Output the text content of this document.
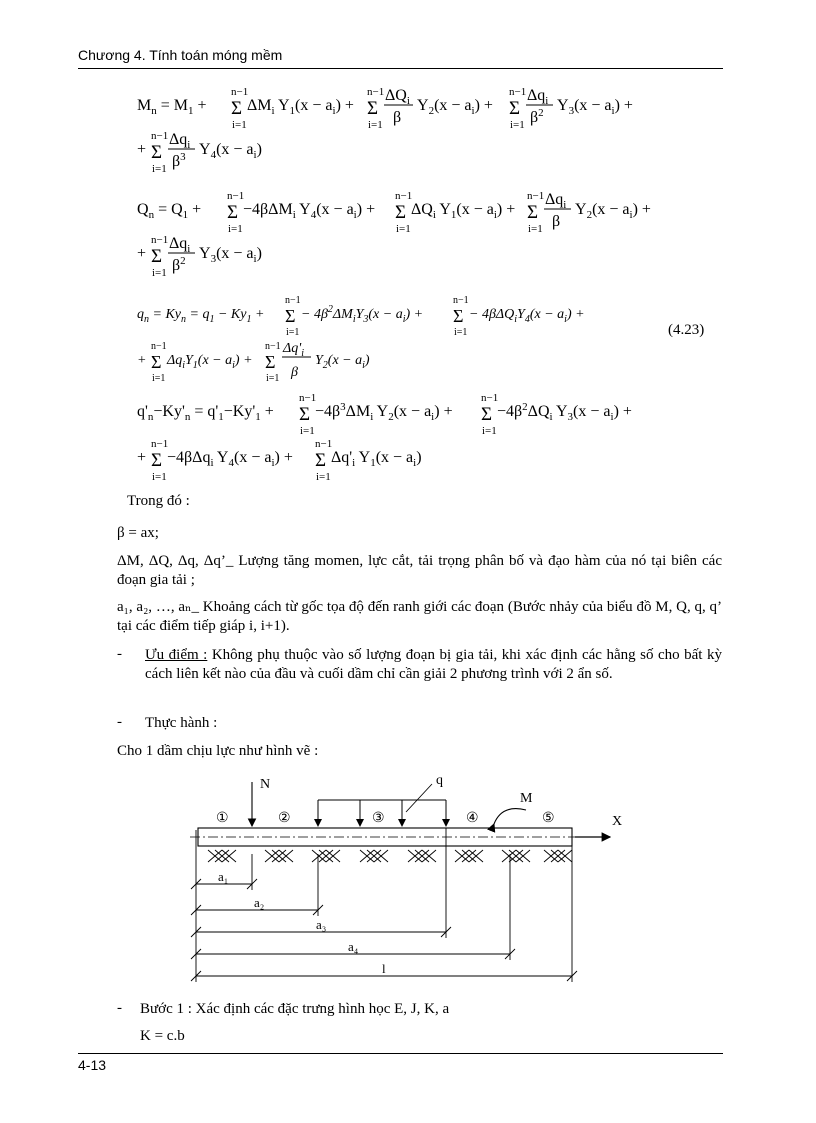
Chương 4. Tính toán móng mềm
$M_n = M_1$ +
n−1
Σ
i=1
$\Delta M_i$ $Y_1(x - a_i)$ +
n−1
Σ
i=1
$\Delta Q_i$
β
$Y_2(x - a_i)$ +
n−1
Σ
i=1
$\Delta q_i$
$\beta^2$ $Y_3(x - a_i)$ +
+
n−1
Σ
i=1
$\Delta q_i$
$\beta^3$ $Y_4(x - a_i)$
$Q_n = Q_1$ +
n−1
Σ
i=1
−4βΔM$_i$ $Y_4(x - a_i)$ +
n−1
Σ
i=1
$\Delta Q_i$ $Y_1(x - a_i)$ +
n−1
Σ
i=1
$\Delta q_i$
β
$Y_2(x - a_i)$ +
+
n−1
Σ
i=1
$\Delta q_i$
$\beta^2$ $Y_3(x - a_i)$
$q_n = Ky_n = q_1 - Ky_1$ +
n−1
Σ
i=1
− $4\beta^2\Delta M_iY_3(x - a_i)$ +
n−1
Σ
i=1
− $4\beta\Delta Q_iY_4(x - a_i)$ +
+
n−1
Σ
i=1
$\Delta q_iY_1(x - a_i)$ +
n−1
Σ
i=1
$\Delta q'_i$
β
$Y_2(x - a_i)$
(4.23)
$q'_n-Ky'_n = q'_1-Ky'_1$ +
n−1
Σ
i=1
$-4\beta^3\Delta M_i$ $Y_2(x - a_i)$ +
n−1
Σ
i=1
$-4\beta^2\Delta Q_i$ $Y_3(x - a_i)$ +
+
n−1
Σ
i=1
−4βΔq$_i$ $Y_4(x - a_i)$ +
n−1
Σ
i=1
$\Delta q'_i$ $Y_1(x - a_i)$
Trong đó :
β = ax;
ΔM, ΔQ, Δq, Δq’_ Lượng tăng momen, lực cắt, tải trọng phân bố và đạo hàm của nó tại biên các đoạn gia tải ;
a₁, a₂, …, aₙ_ Khoảng cách từ gốc tọa độ đến ranh giới các đoạn (Bước nhảy của biểu đồ M, Q, q, q’ tại các điểm tiếp giáp i, i+1).
- Ưu điểm : Không phụ thuộc vào số lượng đoạn bị gia tải, khi xác định các hằng số cho bất kỳ cách liên kết nào của đầu và cuối dầm chỉ cần giải 2 phương trình với 2 ẩn số.
- Thực hành :
Cho 1 dầm chịu lực như hình vẽ :
X
①	②	③	④	⑤
N	q
M
a₁
a₂
a₃
a₄
l
- Bước 1 : Xác định các đặc trưng hình học E, J, K, a
K = c.b
4-13
